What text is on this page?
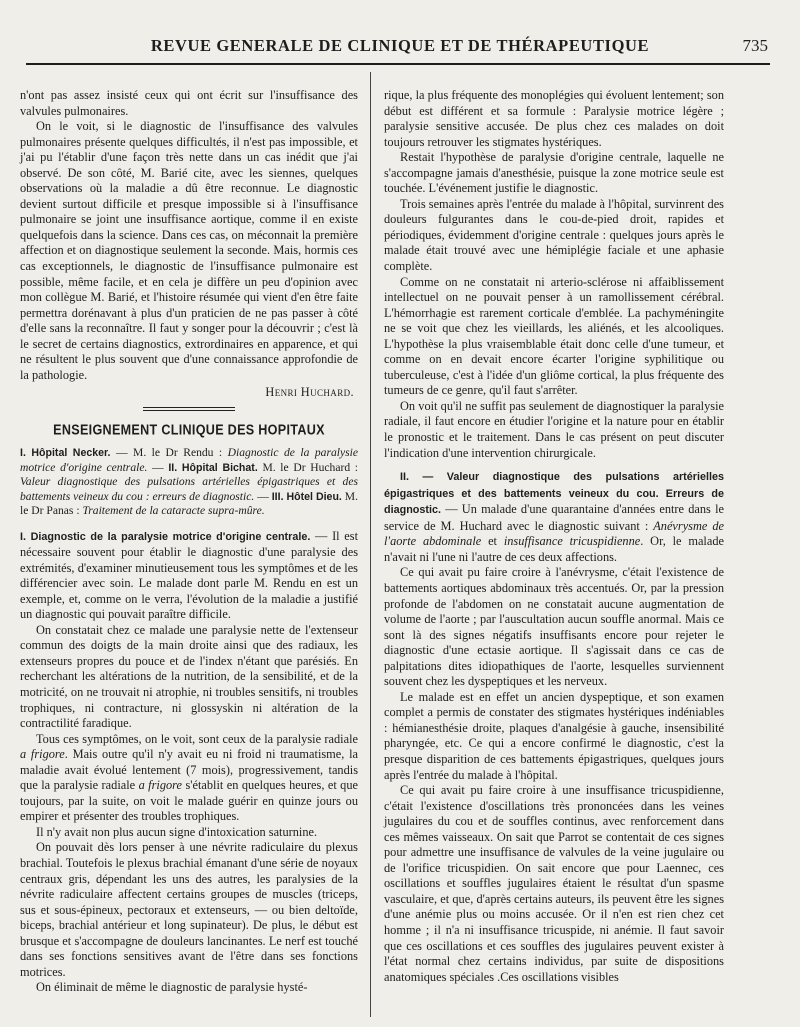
REVUE GENERALE DE CLINIQUE ET DE THÉRAPEUTIQUE	735

n'ont pas assez insisté ceux qui ont écrit sur l'insuffisance des valvules pulmonaires.

On le voit, si le diagnostic de l'insuffisance des valvules pulmonaires présente quelques difficultés, il n'est pas impossible, et j'ai pu l'établir d'une façon très nette dans un cas inédit que j'ai observé. De son côté, M. Barié cite, avec les siennes, quelques observations où la maladie a dû être reconnue. Le diagnostic devient surtout difficile et presque impossible si à l'insuffisance pulmonaire se joint une insuffisance aortique, comme il en existe quelquefois dans la science. Dans ces cas, on méconnait la première affection et on diagnostique seulement la seconde. Mais, hormis ces cas exceptionnels, le diagnostic de l'insuffisance pulmonaire est possible, même facile, et en cela je diffère un peu d'opinion avec mon collègue M. Barié, et l'histoire résumée qui vient d'en être faite permettra dorénavant à plus d'un praticien de ne pas passer à côté d'elle sans la reconnaître. Il faut y songer pour la découvrir ; c'est là le secret de certains diagnostics, extrordinaires en apparence, et qui ne résultent le plus souvent que d'une connaissance approfondie de la pathologie.

Henri Huchard.

ENSEIGNEMENT CLINIQUE DES HOPITAUX

I. Hôpital Necker. — M. le Dr Rendu : Diagnostic de la paralysie motrice d'origine centrale. — II. Hôpital Bichat. M. le Dr Huchard : Valeur diagnostique des pulsations artérielles épigastriques et des battements veineux du cou : erreurs de diagnostic. — III. Hôtel Dieu. M. le Dr Panas : Traitement de la cataracte supra-mûre.

I. Diagnostic de la paralysie motrice d'origine centrale. — Il est nécessaire souvent pour établir le diagnostic d'une paralysie des extrémités, d'examiner minutieusement tous les symptômes et de les différencier avec soin. Le malade dont parle M. Rendu en est un exemple, et, comme on le verra, l'évolution de la maladie a justifié un diagnostic qui pouvait paraître difficile.

On constatait chez ce malade une paralysie nette de l'extenseur commun des doigts de la main droite ainsi que des radiaux, les extenseurs propres du pouce et de l'index n'étant que parésiés. En recherchant les altérations de la nutrition, de la sensibilité, et de la motricité, on ne trouvait ni atrophie, ni troubles sensitifs, ni troubles trophiques, ni contracture, ni glossyskin ni altération de la contractilité faradique.

Tous ces symptômes, on le voit, sont ceux de la paralysie radiale a frigore. Mais outre qu'il n'y avait eu ni froid ni traumatisme, la maladie avait évolué lentement (7 mois), progressivement, tandis que la paralysie radiale a frigore s'établit en quelques heures, et que toujours, par la suite, on voit le malade guérir en quinze jours ou empirer et présenter des troubles trophiques.

Il n'y avait non plus aucun signe d'intoxication saturnine.

On pouvait dès lors penser à une névrite radiculaire du plexus brachial. Toutefois le plexus brachial émanant d'une série de noyaux centraux gris, dépendant les uns des autres, les paralysies de la névrite radiculaire affectent certains groupes de muscles (triceps, sus et sous-épineux, pectoraux et extenseurs, — ou bien deltoïde, biceps, brachial antérieur et long supinateur). De plus, le début est brusque et s'accompagne de douleurs lancinantes. Le nerf est touché dans ses fonctions sensitives avant de l'être dans ses fonctions motrices.

On éliminait de même le diagnostic de paralysie hysté-

rique, la plus fréquente des monoplégies qui évoluent lentement; son début est différent et sa formule : Paralysie motrice légère ; paralysie sensitive accusée. De plus chez ces malades on doit toujours retrouver les stigmates hystériques.

Restait l'hypothèse de paralysie d'origine centrale, laquelle ne s'accompagne jamais d'anesthésie, puisque la zone motrice seule est touchée. L'événement justifie le diagnostic.

Trois semaines après l'entrée du malade à l'hôpital, survinrent des douleurs fulgurantes dans le cou-de-pied droit, rapides et périodiques, évidemment d'origine centrale : quelques jours après le malade était trouvé avec une hémiplégie faciale et une aphasie complète.

Comme on ne constatait ni arterio-sclérose ni affaiblissement intellectuel on ne pouvait penser à un ramollissement cérébral. L'hémorrhagie est rarement corticale d'emblée. La pachyméningite ne se voit que chez les vieillards, les aliénés, et les alcooliques. L'hypothèse la plus vraisemblable était donc celle d'une tumeur, et comme on en devait encore écarter l'origine syphilitique ou tuberculeuse, c'est à l'idée d'un gliôme cortical, la plus fréquente des tumeurs de ce genre, qu'il faut s'arrêter.

On voit qu'il ne suffit pas seulement de diagnostiquer la paralysie radiale, il faut encore en étudier l'origine et la nature pour en établir le pronostic et le traitement. Dans le cas présent on peut discuter l'indication d'une intervention chirurgicale.

II. — Valeur diagnostique des pulsations artérielles épigastriques et des battements veineux du cou. Erreurs de diagnostic. — Un malade d'une quarantaine d'années entre dans le service de M. Huchard avec le diagnostic suivant : Anévrysme de l'aorte abdominale et insuffisance tricuspidienne. Or, le malade n'avait ni l'une ni l'autre de ces deux affections.

Ce qui avait pu faire croire à l'anévrysme, c'était l'existence de battements aortiques abdominaux très accentués. Or, par la pression profonde de l'abdomen on ne constatait aucune augmentation de volume de l'aorte ; par l'auscultation aucun souffle anormal. Mais ce sont là des signes négatifs insuffisants encore pour rejeter le diagnostic d'une ectasie aortique. Il s'agissait dans ce cas de palpitations dites idiopathiques de l'aorte, lesquelles surviennent souvent chez les dyspeptiques et les nerveux.

Le malade est en effet un ancien dyspeptique, et son examen complet a permis de constater des stigmates hystériques indéniables : hémianesthésie droite, plaques d'analgésie à gauche, insensibilité pharyngée, etc. Ce qui a encore confirmé le diagnostic, c'est la presque disparition de ces battements épigastriques, quelques jours après l'entrée du malade à l'hôpital.

Ce qui avait pu faire croire à une insuffisance tricuspidienne, c'était l'existence d'oscillations très prononcées dans les veines jugulaires du cou et de souffles continus, avec renforcement dans ces mêmes vaisseaux. On sait que Parrot se contentait de ces signes pour admettre une insuffisance de valvules de la veine jugulaire ou de l'orifice tricuspidien. On sait encore que pour Laennec, ces oscillations et souffles jugulaires étaient le résultat d'un spasme vasculaire, et que, d'après certains auteurs, ils peuvent être les signes d'une anémie plus ou moins accusée. Or il n'en est rien chez cet homme ; il n'a ni insuffisance tricuspide, ni anémie. Il faut savoir que ces oscillations et ces souffles des jugulaires peuvent exister à l'état normal chez certains individus, par suite de dispositions anatomiques spéciales .Ces oscillations visibles
